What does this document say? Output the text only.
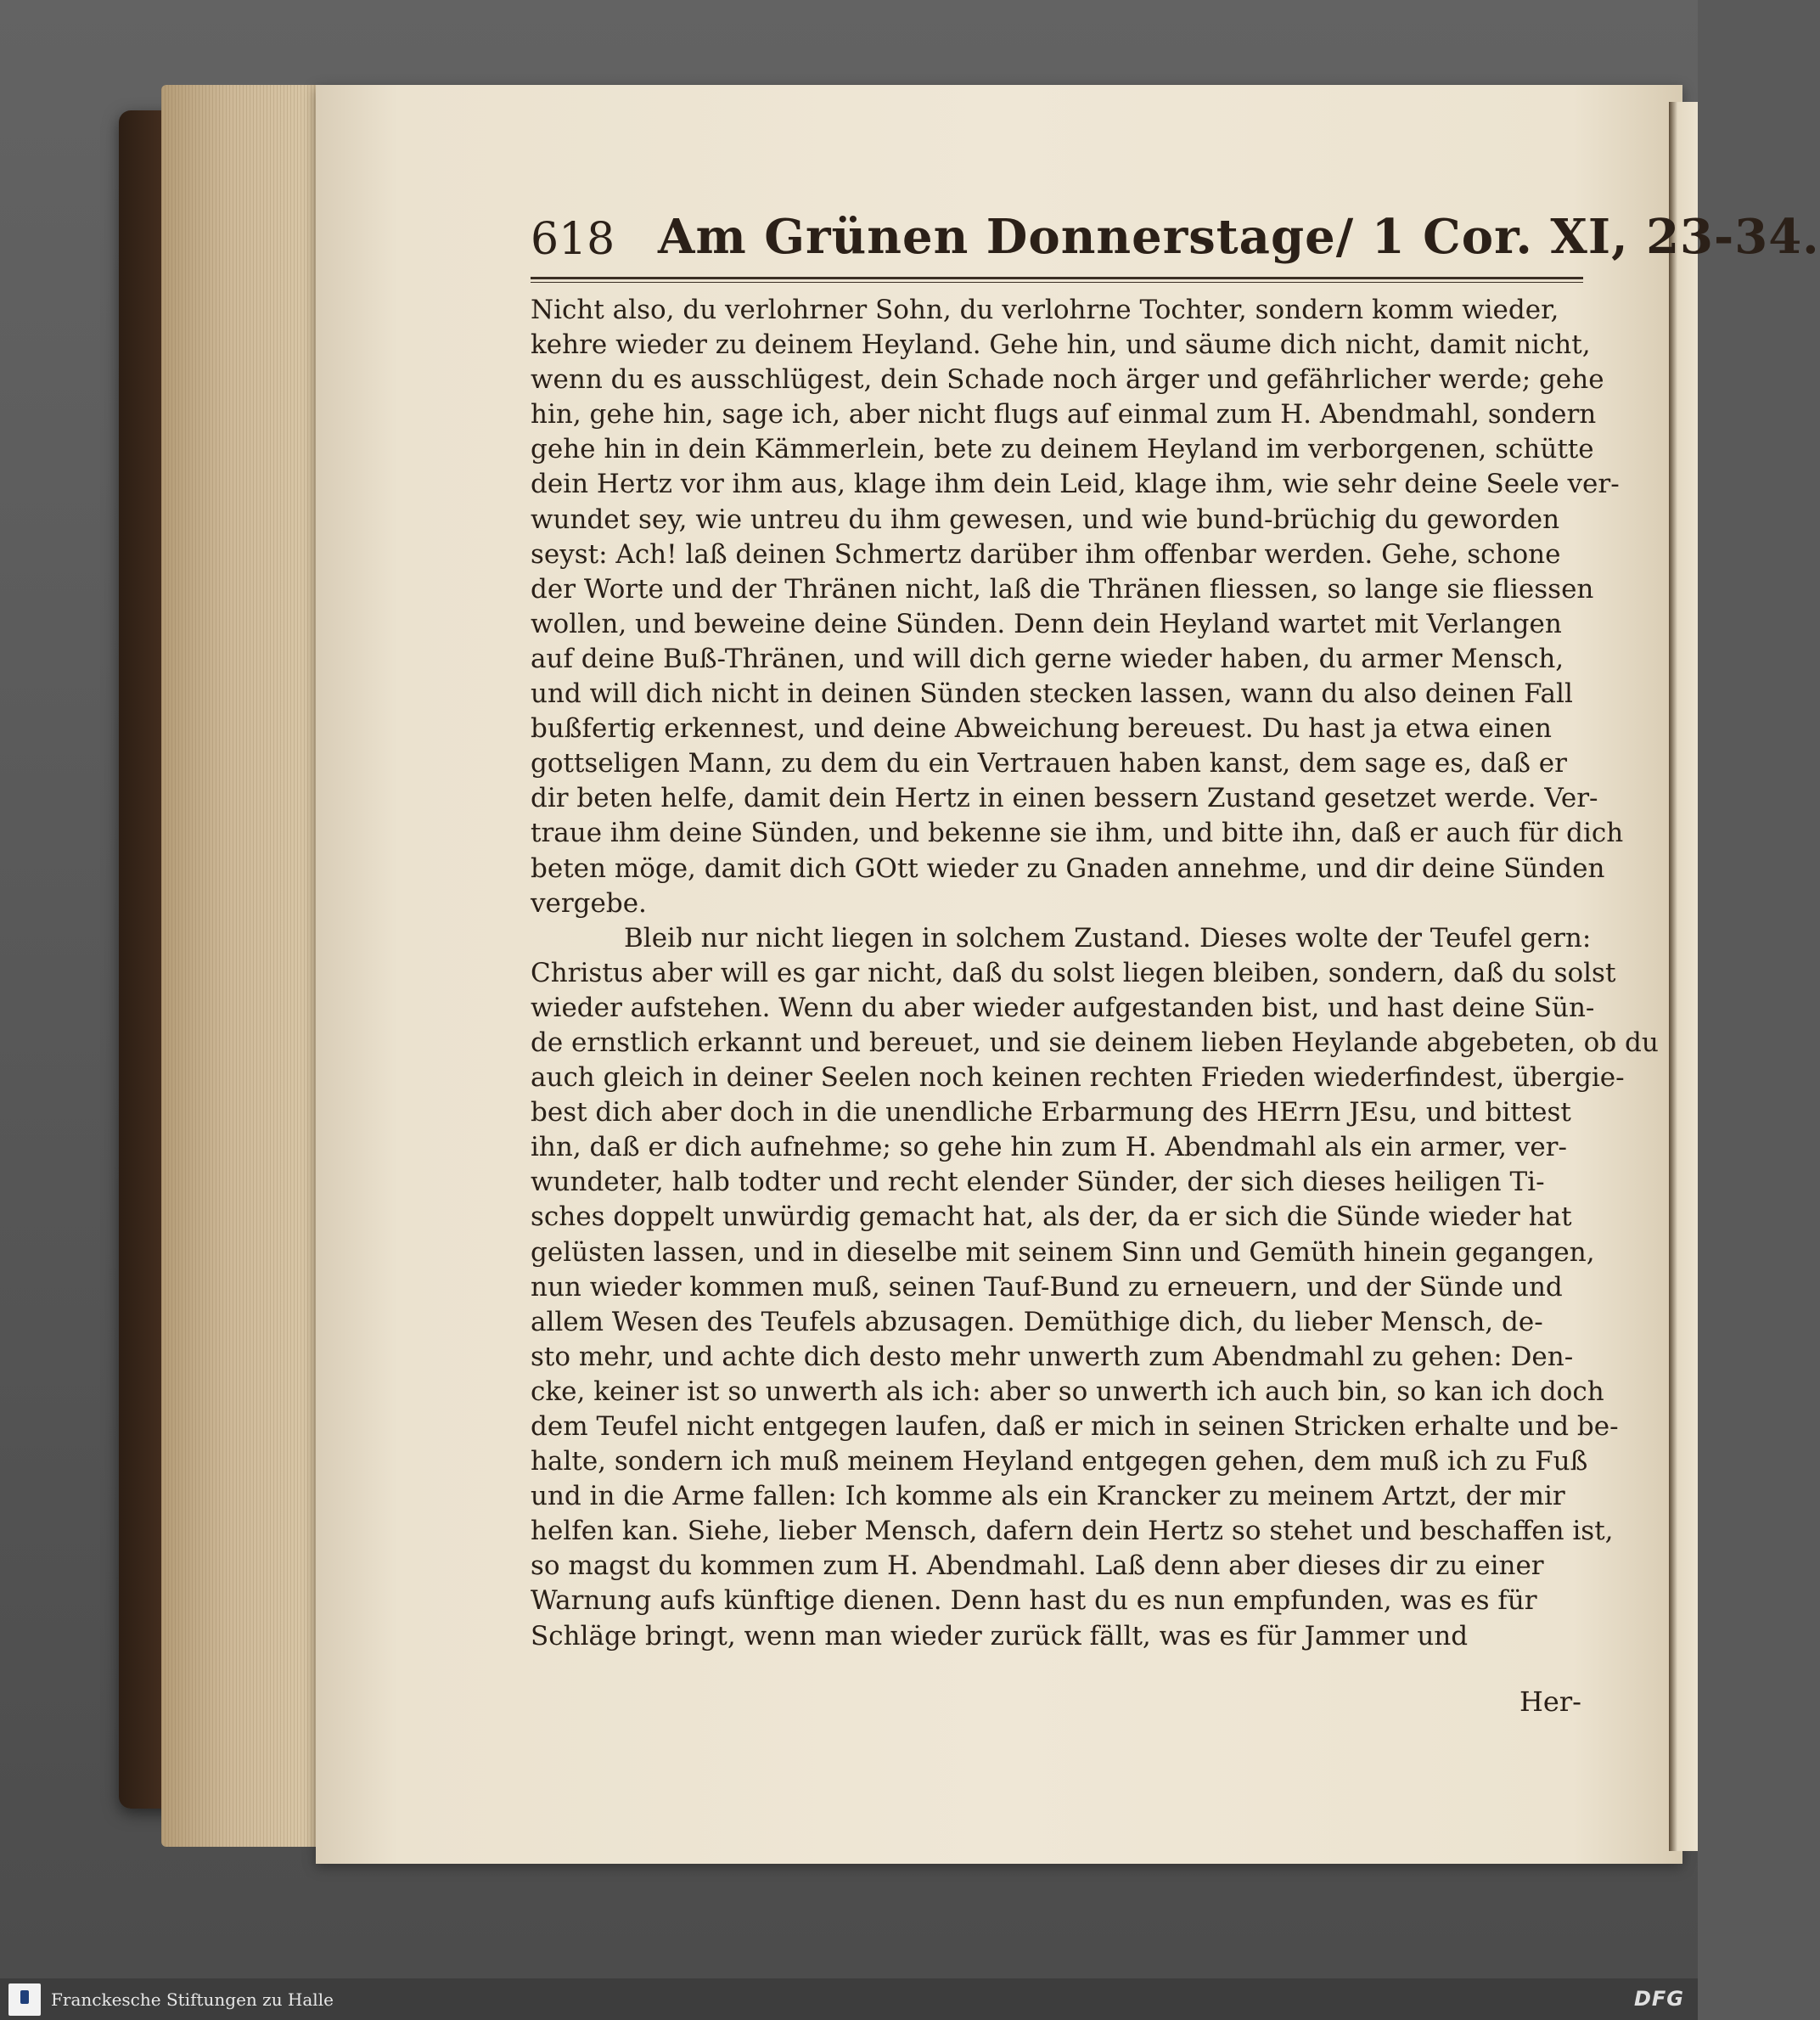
618 Am Grünen Donnerstage/ 1 Cor. XI, 23-34.
Nicht also, du verlohrner Sohn, du verlohrne Tochter, sondern komm wieder,
kehre wieder zu deinem Heyland. Gehe hin, und säume dich nicht, damit nicht,
wenn du es ausschlügest, dein Schade noch ärger und gefährlicher werde; gehe
hin, gehe hin, sage ich, aber nicht flugs auf einmal zum H. Abendmahl, sondern
gehe hin in dein Kämmerlein, bete zu deinem Heyland im verborgenen, schütte
dein Hertz vor ihm aus, klage ihm dein Leid, klage ihm, wie sehr deine Seele ver-
wundet sey, wie untreu du ihm gewesen, und wie bund-brüchig du geworden
seyst: Ach! laß deinen Schmertz darüber ihm offenbar werden. Gehe, schone
der Worte und der Thränen nicht, laß die Thränen fliessen, so lange sie fliessen
wollen, und beweine deine Sünden. Denn dein Heyland wartet mit Verlangen
auf deine Buß-Thränen, und will dich gerne wieder haben, du armer Mensch,
und will dich nicht in deinen Sünden stecken lassen, wann du also deinen Fall
bußfertig erkennest, und deine Abweichung bereuest. Du hast ja etwa einen
gottseligen Mann, zu dem du ein Vertrauen haben kanst, dem sage es, daß er
dir beten helfe, damit dein Hertz in einen bessern Zustand gesetzet werde. Ver-
traue ihm deine Sünden, und bekenne sie ihm, und bitte ihn, daß er auch für dich
beten möge, damit dich GOtt wieder zu Gnaden annehme, und dir deine Sünden
vergebe.
Bleib nur nicht liegen in solchem Zustand. Dieses wolte der Teufel gern:
Christus aber will es gar nicht, daß du solst liegen bleiben, sondern, daß du solst
wieder aufstehen. Wenn du aber wieder aufgestanden bist, und hast deine Sün-
de ernstlich erkannt und bereuet, und sie deinem lieben Heylande abgebeten, ob du
auch gleich in deiner Seelen noch keinen rechten Frieden wiederfindest, übergie-
best dich aber doch in die unendliche Erbarmung des HErrn JEsu, und bittest
ihn, daß er dich aufnehme; so gehe hin zum H. Abendmahl als ein armer, ver-
wundeter, halb todter und recht elender Sünder, der sich dieses heiligen Ti-
sches doppelt unwürdig gemacht hat, als der, da er sich die Sünde wieder hat
gelüsten lassen, und in dieselbe mit seinem Sinn und Gemüth hinein gegangen,
nun wieder kommen muß, seinen Tauf-Bund zu erneuern, und der Sünde und
allem Wesen des Teufels abzusagen. Demüthige dich, du lieber Mensch, de-
sto mehr, und achte dich desto mehr unwerth zum Abendmahl zu gehen: Den-
cke, keiner ist so unwerth als ich: aber so unwerth ich auch bin, so kan ich doch
dem Teufel nicht entgegen laufen, daß er mich in seinen Stricken erhalte und be-
halte, sondern ich muß meinem Heyland entgegen gehen, dem muß ich zu Fuß
und in die Arme fallen: Ich komme als ein Krancker zu meinem Artzt, der mir
helfen kan. Siehe, lieber Mensch, dafern dein Hertz so stehet und beschaffen ist,
so magst du kommen zum H. Abendmahl. Laß denn aber dieses dir zu einer
Warnung aufs künftige dienen. Denn hast du es nun empfunden, was es für
Schläge bringt, wenn man wieder zurück fällt, was es für Jammer und
Her-
Franckesche Stiftungen zu Halle	DFG
